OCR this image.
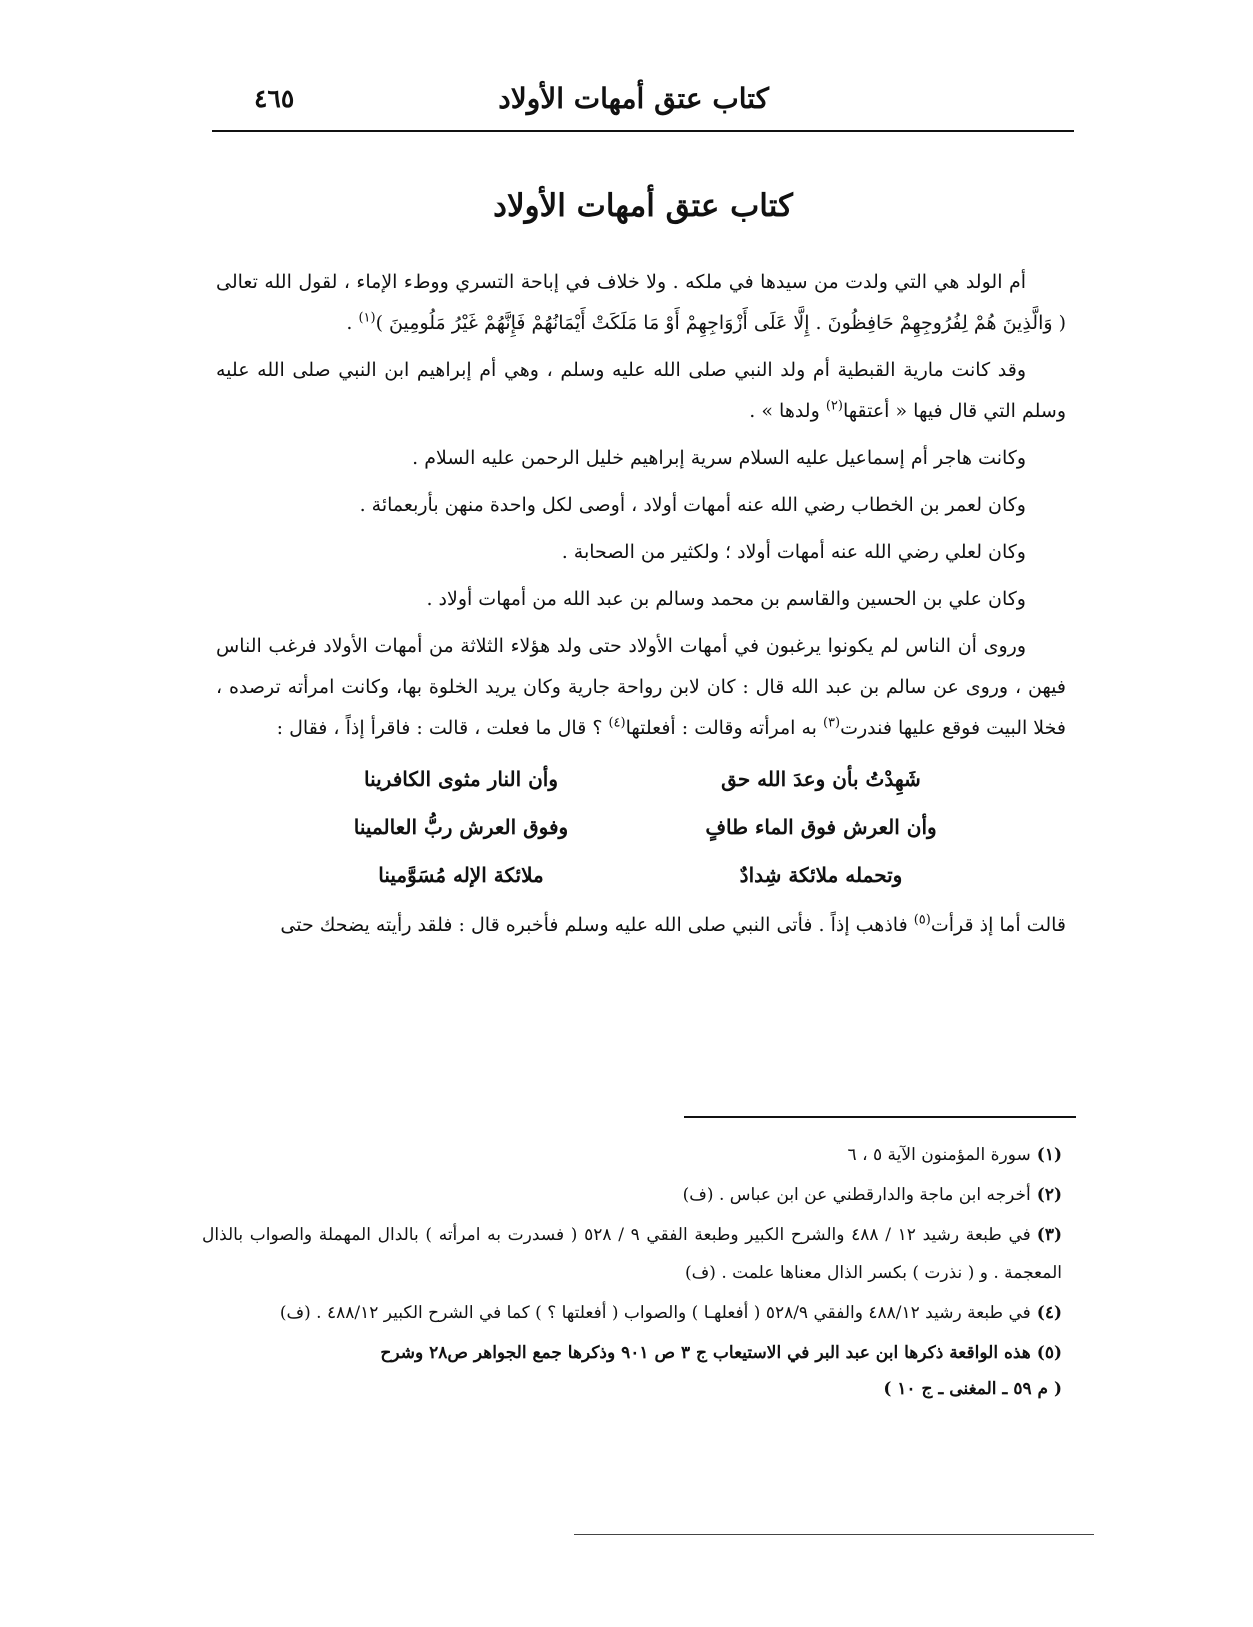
كتاب عتق أمهات الأولاد
٤٦٥
كتاب عتق أمهات الأولاد

أم الولد هي التي ولدت من سيدها في ملكه . ولا خلاف في إباحة التسري ووطء الإماء ، لقول الله تعالى ( وَالَّذِينَ هُمْ لِفُرُوجِهِمْ حَافِظُونَ . إِلَّا عَلَى أَزْوَاجِهِمْ أَوْ مَا مَلَكَتْ أَيْمَانُهُمْ فَإِنَّهُمْ غَيْرُ مَلُومِينَ )$^{(١)}$ .

وقد كانت مارية القبطية أم ولد النبي صلى الله عليه وسلم ، وهي أم إبراهيم ابن النبي صلى الله عليه وسلم التي قال فيها « أعتقها$^{(٢)}$ ولدها » .

وكانت هاجر أم إسماعيل عليه السلام سرية إبراهيم خليل الرحمن عليه السلام .

وكان لعمر بن الخطاب رضي الله عنه أمهات أولاد ، أوصى لكل واحدة منهن بأربعمائة .

وكان لعلي رضي الله عنه أمهات أولاد ؛ ولكثير من الصحابة .

وكان علي بن الحسين والقاسم بن محمد وسالم بن عبد الله من أمهات أولاد .

وروى أن الناس لم يكونوا يرغبون في أمهات الأولاد حتى ولد هؤلاء الثلاثة من أمهات الأولاد فرغب الناس فيهن ، وروى عن سالم بن عبد الله قال : كان لابن رواحة جارية وكان يريد الخلوة بها، وكانت امرأته ترصده ، فخلا البيت فوقع عليها فندرت$^{(٣)}$ به امرأته وقالت : أفعلتها$^{(٤)}$ ؟ قال ما فعلت ، قالت : فاقرأ إذاً ، فقال :

شَهِدْتُ بأن وعدَ الله حق
وأن النار مثوى الكافرينا
وأن العرش فوق الماء طافٍ
وفوق العرش ربُّ العالمينا
وتحمله ملائكة شِدادٌ
ملائكة الإله مُسَوَّمينا

قالت أما إذ قرأت$^{(٥)}$ فاذهب إذاً . فأتى النبي صلى الله عليه وسلم فأخبره قال : فلقد رأيته يضحك حتى

(١)سورة المؤمنون الآية ٥ ، ٦

(٢)أخرجه ابن ماجة والدارقطني عن ابن عباس . (ف)

(٣)في طبعة رشيد ١٢ / ٤٨٨ والشرح الكبير وطبعة الفقي ٩ / ٥٢٨ ( فسدرت به امرأته ) بالدال المهملة والصواب بالذال المعجمة . و ( نذرت ) بكسر الذال معناها علمت . (ف)

(٤)في طبعة رشيد ٤٨٨/١٢ والفقي ٥٢٨/٩ ( أفعلهـا ) والصواب ( أفعلتها ؟ ) كما في الشرح الكبير ٤٨٨/١٢ . (ف)

(٥)هذه الواقعة ذكرها ابن عبد البر في الاستيعاب ج ٣ ص ٩٠١ وذكرها جمع الجواهر ص٢٨ وشرح

( م ٥٩ ـ المغنى ـ ج ١٠ )
